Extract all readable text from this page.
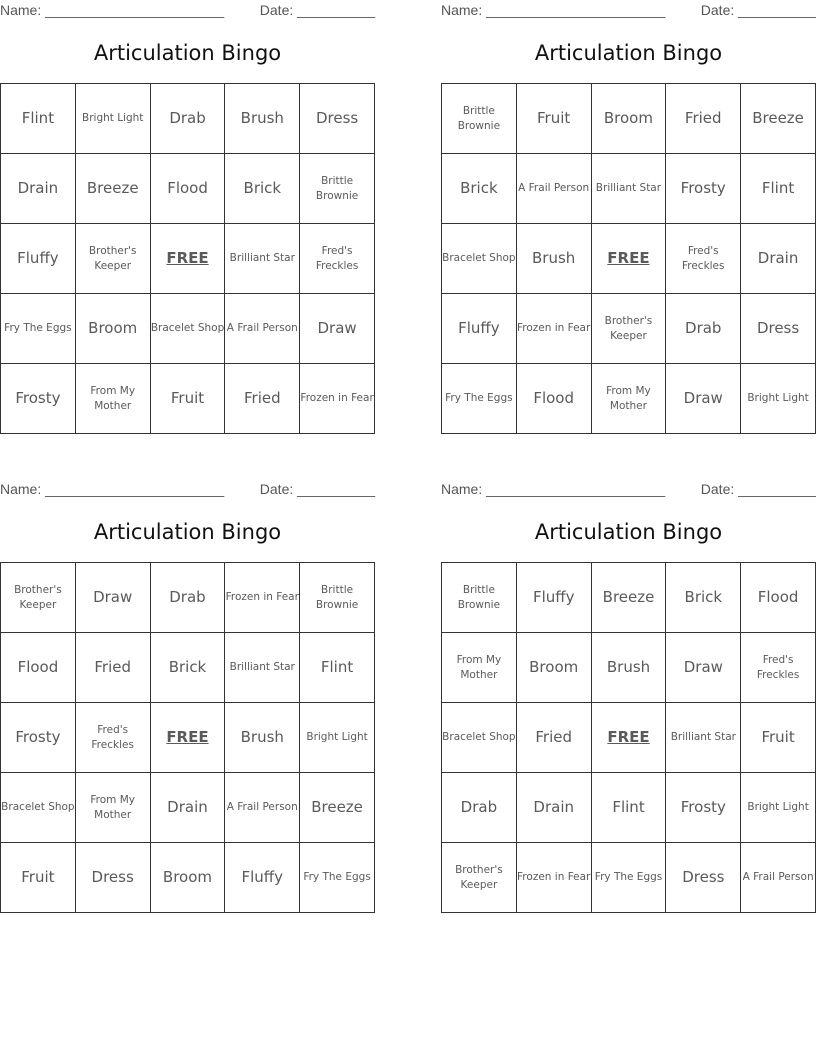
Name: _______________________	Date: __________
Articulation Bingo
Flint	Bright Light	Drab	Brush	Dress
Drain	Breeze	Flood	Brick	Brittle Brownie
Fluffy	Brother's Keeper	FREE	Brilliant Star	Fred's Freckles
Fry The Eggs	Broom	Bracelet Shop	A Frail Person	Draw
Frosty	From My Mother	Fruit	Fried	Frozen in Fear
Name: _______________________	Date: __________
Articulation Bingo
Brittle Brownie	Fruit	Broom	Fried	Breeze
Brick	A Frail Person	Brilliant Star	Frosty	Flint
Bracelet Shop	Brush	FREE	Fred's Freckles	Drain
Fluffy	Frozen in Fear	Brother's Keeper	Drab	Dress
Fry The Eggs	Flood	From My Mother	Draw	Bright Light
Name: _______________________	Date: __________
Articulation Bingo
Brother's Keeper	Draw	Drab	Frozen in Fear	Brittle Brownie
Flood	Fried	Brick	Brilliant Star	Flint
Frosty	Fred's Freckles	FREE	Brush	Bright Light
Bracelet Shop	From My Mother	Drain	A Frail Person	Breeze
Fruit	Dress	Broom	Fluffy	Fry The Eggs
Name: _______________________	Date: __________
Articulation Bingo
Brittle Brownie	Fluffy	Breeze	Brick	Flood
From My Mother	Broom	Brush	Draw	Fred's Freckles
Bracelet Shop	Fried	FREE	Brilliant Star	Fruit
Drab	Drain	Flint	Frosty	Bright Light
Brother's Keeper	Frozen in Fear	Fry The Eggs	Dress	A Frail Person
